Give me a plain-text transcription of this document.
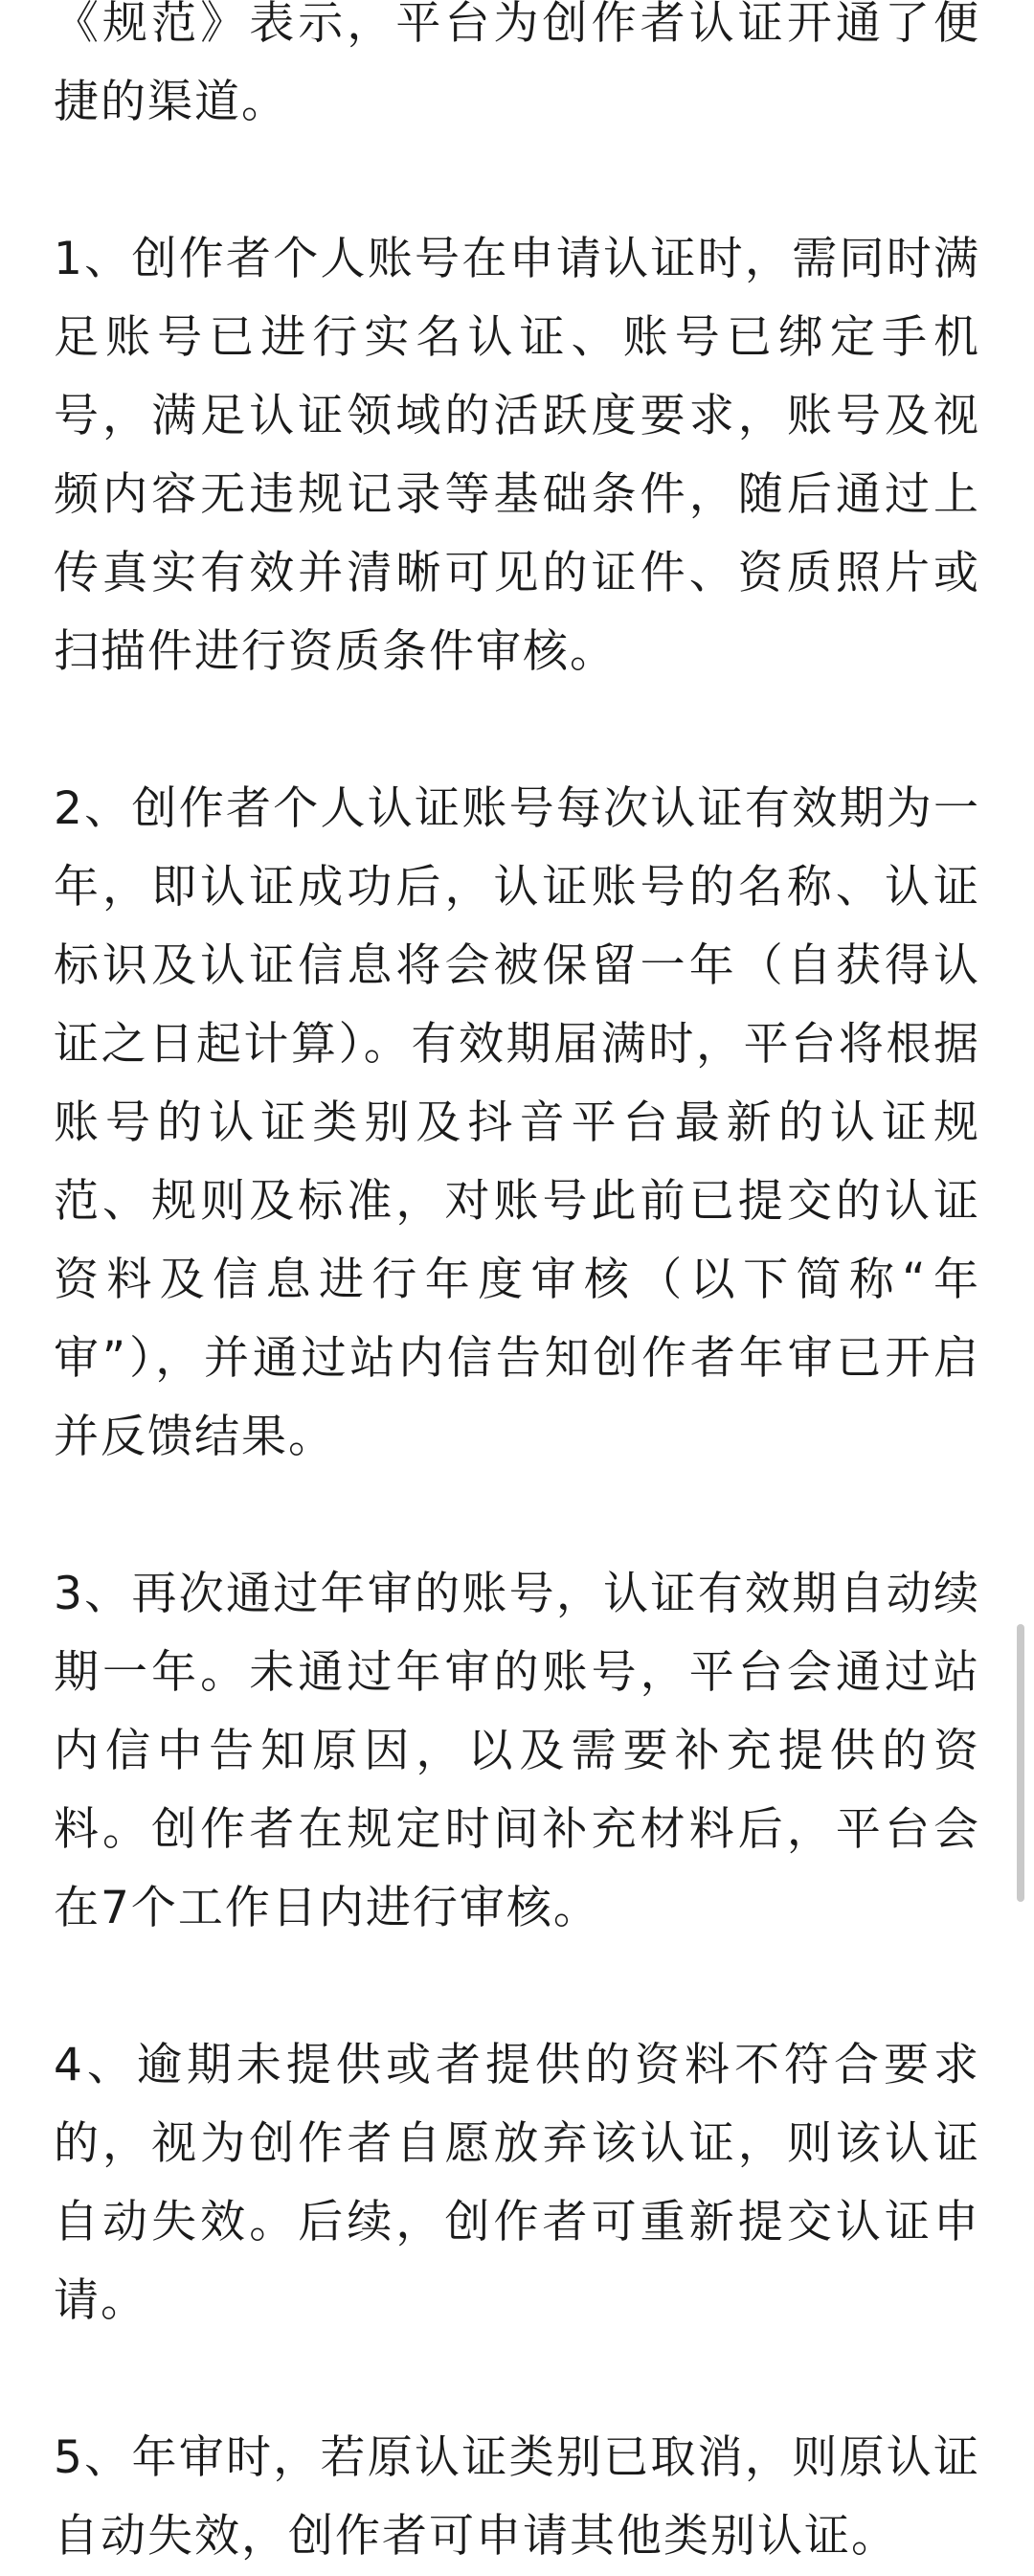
《规范》表示，平台为创作者认证开通了便捷的渠道。

1、创作者个人账号在申请认证时，需同时满足账号已进行实名认证、账号已绑定手机号，满足认证领域的活跃度要求，账号及视频内容无违规记录等基础条件，随后通过上传真实有效并清晰可见的证件、资质照片或扫描件进行资质条件审核。

2、创作者个人认证账号每次认证有效期为一年，即认证成功后，认证账号的名称、认证标识及认证信息将会被保留一年（自获得认证之日起计算）。有效期届满时，平台将根据账号的认证类别及抖音平台最新的认证规范、规则及标准，对账号此前已提交的认证资料及信息进行年度审核（以下简称“年审”），并通过站内信告知创作者年审已开启并反馈结果。

3、再次通过年审的账号，认证有效期自动续期一年。未通过年审的账号，平台会通过站内信中告知原因，以及需要补充提供的资料。创作者在规定时间补充材料后，平台会在7个工作日内进行审核。

4、逾期未提供或者提供的资料不符合要求的，视为创作者自愿放弃该认证，则该认证自动失效。后续，创作者可重新提交认证申请。

5、年审时，若原认证类别已取消，则原认证自动失效，创作者可申请其他类别认证。
